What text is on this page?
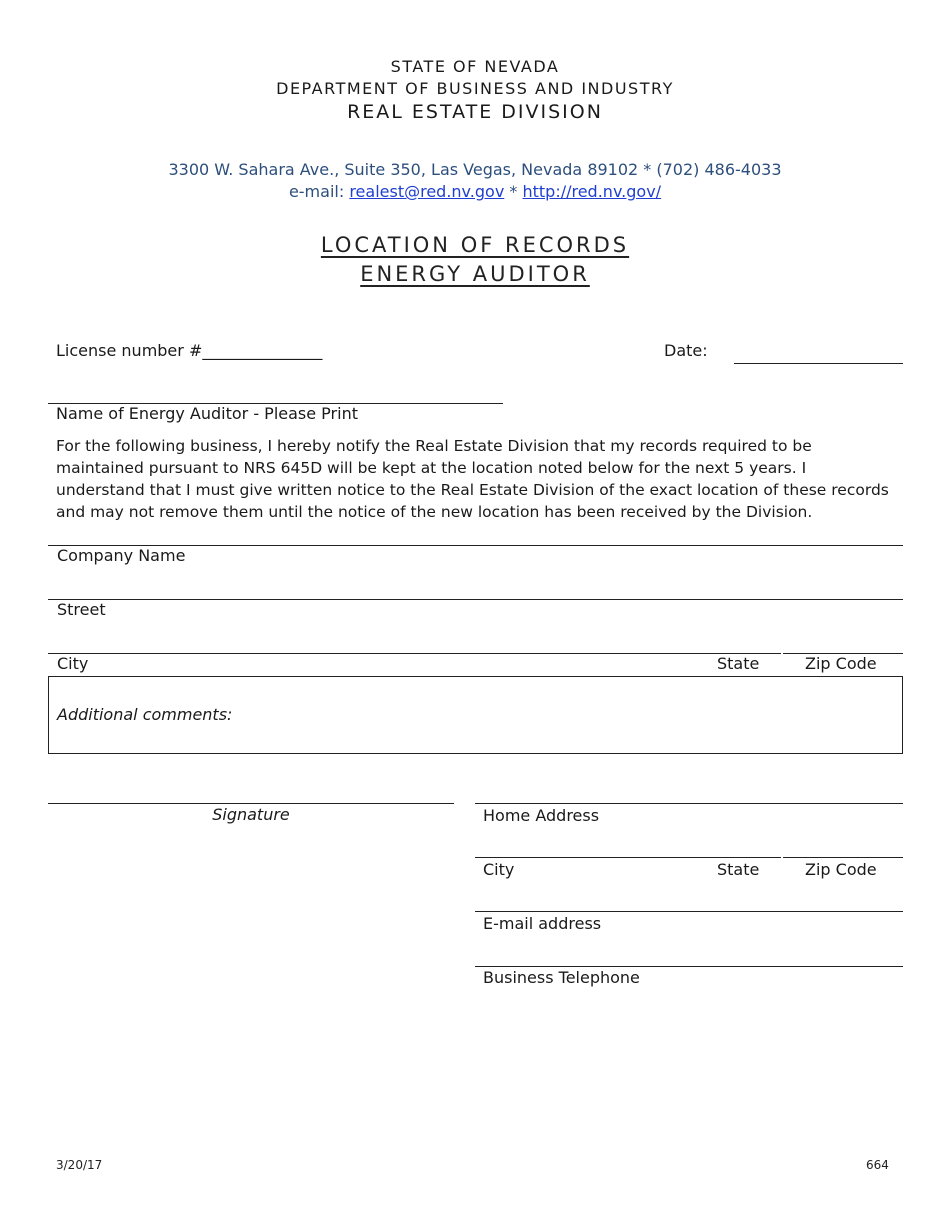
STATE OF NEVADA
DEPARTMENT OF BUSINESS AND INDUSTRY
REAL ESTATE DIVISION
3300 W. Sahara Ave., Suite 350, Las Vegas, Nevada 89102 * (702) 486-4033
e-mail: realest@red.nv.gov * http://red.nv.gov/
LOCATION OF RECORDS
ENERGY AUDITOR
License number #_______________	Date:
Name of Energy Auditor - Please Print
For the following business, I hereby notify the Real Estate Division that my records required to be maintained pursuant to NRS 645D will be kept at the location noted below for the next 5 years. I understand that I must give written notice to the Real Estate Division of the exact location of these records and may not remove them until the notice of the new location has been received by the Division.
Company Name
Street
City	State	Zip Code
Additional comments:
Signature	Home Address
City	State	Zip Code
E-mail address
Business Telephone
3/20/17	664
